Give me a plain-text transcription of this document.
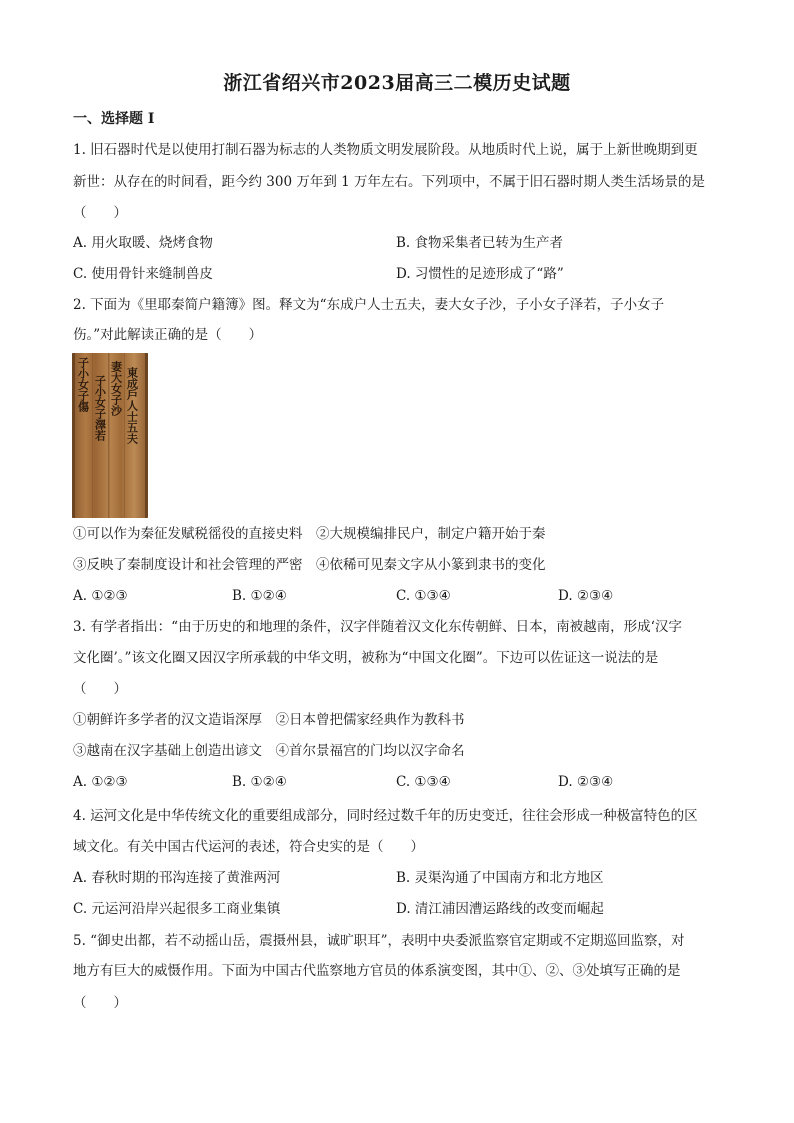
浙江省绍兴市2023届高三二模历史试题
一、选择题 I
1. 旧石器时代是以使用打制石器为标志的人类物质文明发展阶段。从地质时代上说，属于上新世晚期到更
新世：从存在的时间看，距今约 300 万年到 1 万年左右。下列项中，不属于旧石器时期人类生活场景的是
（　　）
A. 用火取暖、烧烤食物	B. 食物采集者已转为生产者
C. 使用骨针来缝制兽皮	D. 习惯性的足迹形成了“路”
2. 下面为《里耶秦简户籍簿》图。释文为“东成户人士五夫，妻大女子沙，子小女子泽若，子小女子
伤。”对此解读正确的是（　　）
東成戶人士五夫
妻大女子沙
子小女子澤若
子小女子傷
①可以作为秦征发赋税徭役的直接史料　②大规模编排民户，制定户籍开始于秦
③反映了秦制度设计和社会管理的严密　④依稀可见秦文字从小篆到隶书的变化
A. ①②③	B. ①②④	C. ①③④	D. ②③④
3. 有学者指出：“由于历史的和地理的条件，汉字伴随着汉文化东传朝鲜、日本，南被越南，形成‘汉字
文化圈’。”该文化圈又因汉字所承载的中华文明，被称为“中国文化圈”。下边可以佐证这一说法的是
（　　）
①朝鲜许多学者的汉文造诣深厚　②日本曾把儒家经典作为教科书
③越南在汉字基础上创造出谚文　④首尔景福宫的门均以汉字命名
A. ①②③	B. ①②④	C. ①③④	D. ②③④
4. 运河文化是中华传统文化的重要组成部分，同时经过数千年的历史变迁，往往会形成一种极富特色的区
域文化。有关中国古代运河的表述，符合史实的是（　　）
A. 春秋时期的邗沟连接了黄淮两河	B. 灵渠沟通了中国南方和北方地区
C. 元运河沿岸兴起很多工商业集镇	D. 清江浦因漕运路线的改变而崛起
5. “御史出都，若不动摇山岳，震摄州县，诚旷职耳”，表明中央委派监察官定期或不定期巡回监察，对
地方有巨大的威慑作用。下面为中国古代监察地方官员的体系演变图，其中①、②、③处填写正确的是
（　　）
